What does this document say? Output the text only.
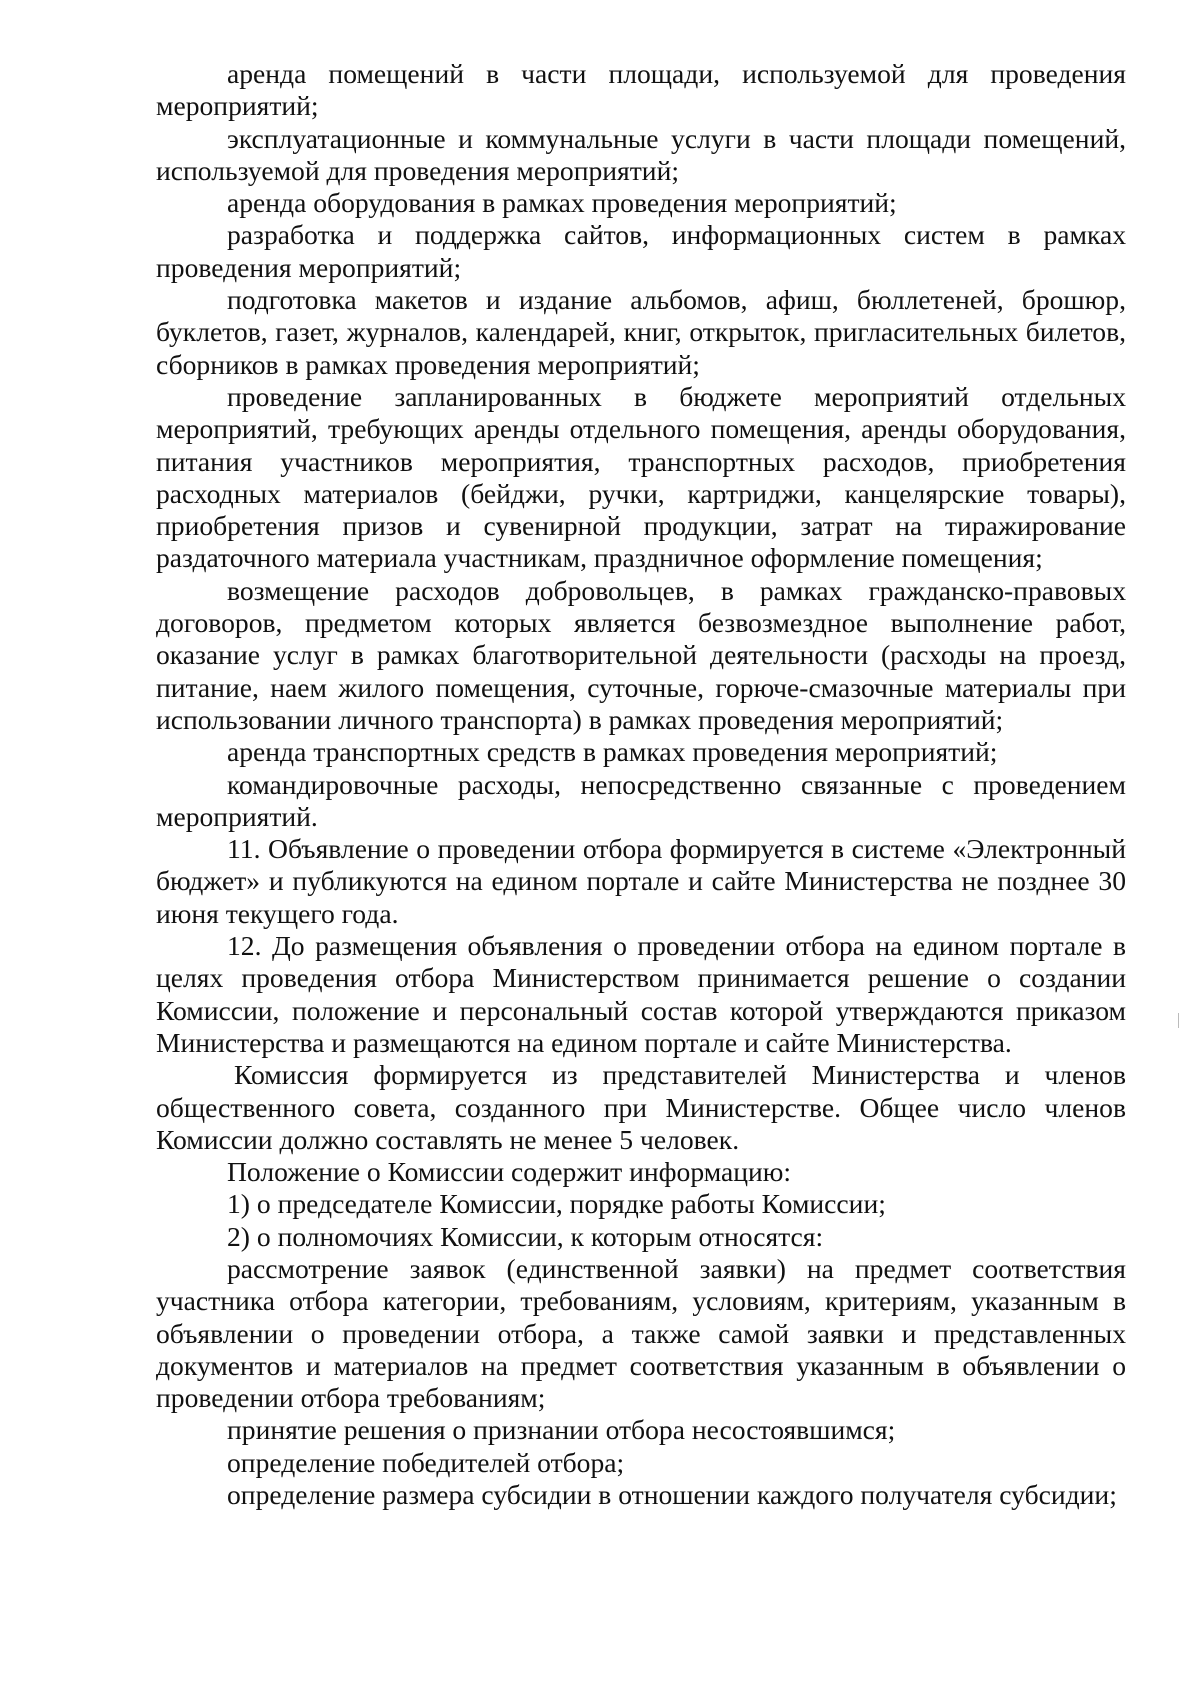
аренда помещений в части площади, используемой для проведения мероприятий;

эксплуатационные и коммунальные услуги в части площади помещений, используемой для проведения мероприятий;

аренда оборудования в рамках проведения мероприятий;

разработка и поддержка сайтов, информационных систем в рамках проведения мероприятий;

подготовка макетов и издание альбомов, афиш, бюллетеней, брошюр, буклетов, газет, журналов, календарей, книг, открыток, пригласительных билетов, сборников в рамках проведения мероприятий;

проведение запланированных в бюджете мероприятий отдельных мероприятий, требующих аренды отдельного помещения, аренды оборудования, питания участников мероприятия, транспортных расходов, приобретения расходных материалов (бейджи, ручки, картриджи, канцелярские товары), приобретения призов и сувенирной продукции, затрат на тиражирование раздаточного материала участникам, праздничное оформление помещения;

возмещение расходов добровольцев, в рамках гражданско-правовых договоров, предметом которых является безвозмездное выполнение работ, оказание услуг в рамках благотворительной деятельности (расходы на проезд, питание, наем жилого помещения, суточные, горюче-смазочные материалы при использовании личного транспорта) в рамках проведения мероприятий;

аренда транспортных средств в рамках проведения мероприятий;

командировочные расходы, непосредственно связанные с проведением мероприятий.

11. Объявление о проведении отбора формируется в системе «Электронный бюджет» и публикуются на едином портале и сайте Министерства не позднее 30 июня текущего года.

12. До размещения объявления о проведении отбора на едином портале в целях проведения отбора Министерством принимается решение о создании Комиссии, положение и персональный состав которой утверждаются приказом Министерства и размещаются на едином портале и сайте Министерства.

Комиссия формируется из представителей Министерства и членов общественного совета, созданного при Министерстве. Общее число членов Комиссии должно составлять не менее 5 человек.

Положение о Комиссии содержит информацию:

1) о председателе Комиссии, порядке работы Комиссии;

2) о полномочиях Комиссии, к которым относятся:

рассмотрение заявок (единственной заявки) на предмет соответствия участника отбора категории, требованиям, условиям, критериям, указанным в объявлении о проведении отбора, а также самой заявки и представленных документов и материалов на предмет соответствия указанным в объявлении о проведении отбора требованиям;

принятие решения о признании отбора несостоявшимся;

определение победителей отбора;

определение размера субсидии в отношении каждого получателя субсидии;
